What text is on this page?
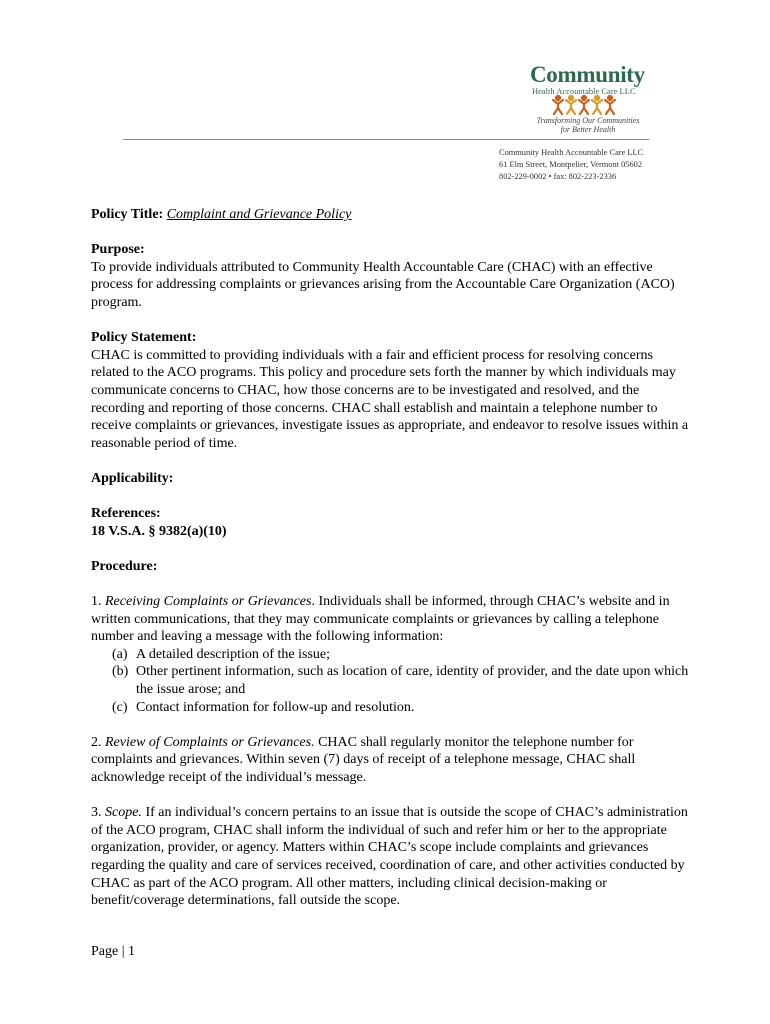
Community
Health Accountable Care LLC
Transforming Our Communities
for Better Health
Community Health Accountable Care LLC
61 Elm Street, Montpelier, Vermont 05602
802-229-0002 • fax: 802-223-2336

Policy Title: Complaint and Grievance Policy

Purpose:

To provide individuals attributed to Community Health Accountable Care (CHAC) with an effective process for addressing complaints or grievances arising from the Accountable Care Organization (ACO) program.

Policy Statement:

CHAC is committed to providing individuals with a fair and efficient process for resolving concerns related to the ACO programs. This policy and procedure sets forth the manner by which individuals may communicate concerns to CHAC, how those concerns are to be investigated and resolved, and the recording and reporting of those concerns. CHAC shall establish and maintain a telephone number to receive complaints or grievances, investigate issues as appropriate, and endeavor to resolve issues within a reasonable period of time.

Applicability:

References:

18 V.S.A. § 9382(a)(10)

Procedure:

1. Receiving Complaints or Grievances. Individuals shall be informed, through CHAC’s website and in written communications, that they may communicate complaints or grievances by calling a telephone number and leaving a message with the following information:

(a) A detailed description of the issue;
(b) Other pertinent information, such as location of care, identity of provider, and the date upon which the issue arose; and
(c) Contact information for follow-up and resolution.

2. Review of Complaints or Grievances. CHAC shall regularly monitor the telephone number for complaints and grievances. Within seven (7) days of receipt of a telephone message, CHAC shall acknowledge receipt of the individual’s message.

3. Scope. If an individual’s concern pertains to an issue that is outside the scope of CHAC’s administration of the ACO program, CHAC shall inform the individual of such and refer him or her to the appropriate organization, provider, or agency. Matters within CHAC’s scope include complaints and grievances regarding the quality and care of services received, coordination of care, and other activities conducted by CHAC as part of the ACO program. All other matters, including clinical decision-making or benefit/coverage determinations, fall outside the scope.

Page | 1
